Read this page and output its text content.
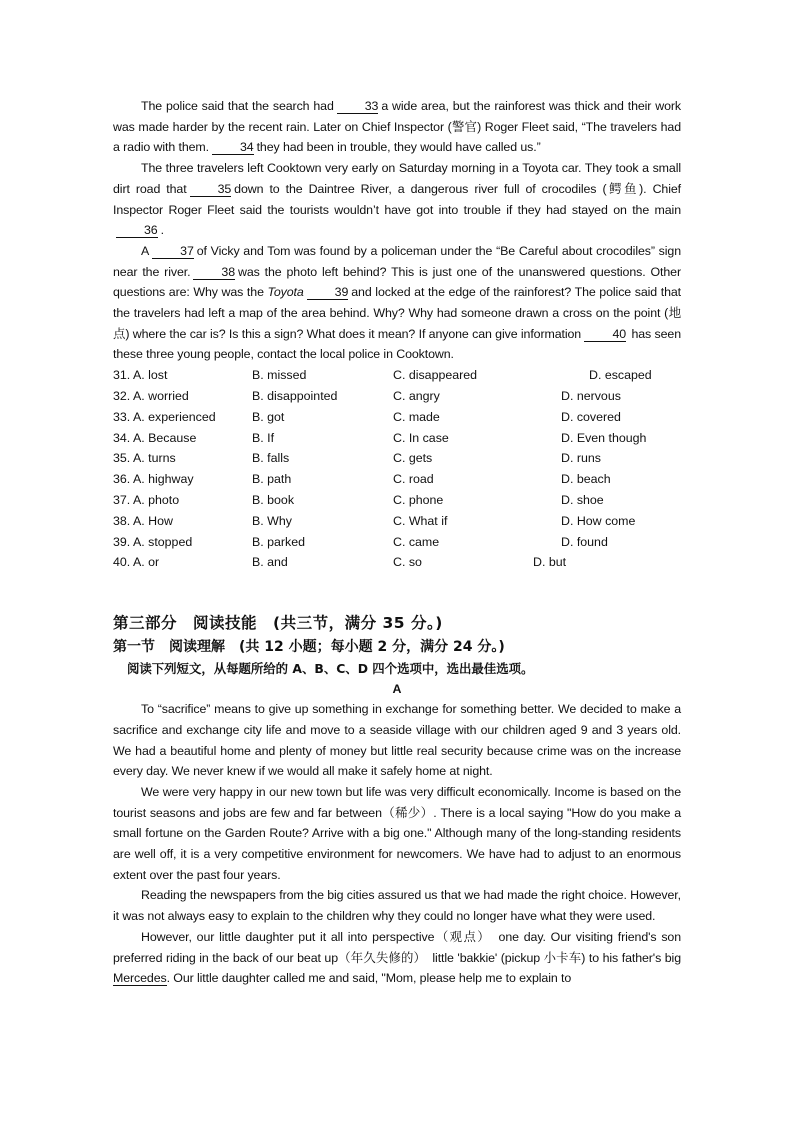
The police said that the search had	33 a wide area, but the rainforest was thick and their work was made harder by the recent rain. Later on Chief Inspector (警官) Roger Fleet said, “The travelers had a radio with them.	34 they had been in trouble, they would have called us.”

The three travelers left Cooktown very early on Saturday morning in a Toyota car. They took a small dirt road that	35 down to the Daintree River, a dangerous river full of crocodiles (鳄鱼). Chief Inspector Roger Fleet said the tourists wouldn’t have got into trouble if they had stayed on the main36 .

A	37 of Vicky and Tom was found by a policeman under the “Be Careful about crocodiles” sign near the river.	38 was the photo left behind? This is just one of the unanswered questions. Other questions are: Why was the Toyota	39 and locked at the edge of the rainforest? The police said that the travelers had left a map of the area behind. Why? Why had someone drawn a cross on the point (地点) where the car is? Is this a sign? What does it mean? If anyone can give information	40 has seen these three young people, contact the local police in Cooktown.

31. A. lost	B. missed	C. disappeared	D. escaped
32. A. worried	B. disappointed	C. angry	D. nervous
33. A. experienced	B. got	C. made	D. covered
34. A. Because	B. If	C. In case	D. Even though
35. A. turns	B. falls	C. gets	D. runs
36. A. highway	B. path	C. road	D. beach
37. A. photo	B. book	C. phone	D. shoe
38. A. How	B. Why	C. What if	D. How come
39. A. stopped	B. parked	C. came	D. found
40. A. or	B. and	C. so	D. but
第三部分　阅读技能　(共三节，满分 35 分。)
第一节　阅读理解　(共 12 小题；每小题 2 分，满分 24 分。)
阅读下列短文，从每题所给的 A、B、C、D 四个选项中，选出最佳选项。
A

To “sacrifice” means to give up something in exchange for something better. We decided to make a sacrifice and exchange city life and move to a seaside village with our children aged 9 and 3 years old. We had a beautiful home and plenty of money but little real security because crime was on the increase every day. We never knew if we would all make it safely home at night.

We were very happy in our new town but life was very difficult economically. Income is based on the tourist seasons and jobs are few and far between（稀少）. There is a local saying "How do you make a small fortune on the Garden Route? Arrive with a big one." Although many of the long-standing residents are well off, it is a very competitive environment for newcomers. We have had to adjust to an enormous extent over the past four years.

Reading the newspapers from the big cities assured us that we had made the right choice. However, it was not always easy to explain to the children why they could no longer have what they were used.

However, our little daughter put it all into perspective（观点）　one day. Our visiting friend's son preferred riding in the back of our beat up（年久失修的）　little 'bakkie' (pickup 小卡车) to his father's big Mercedes. Our little daughter called me and said, "Mom, please help me to explain to
